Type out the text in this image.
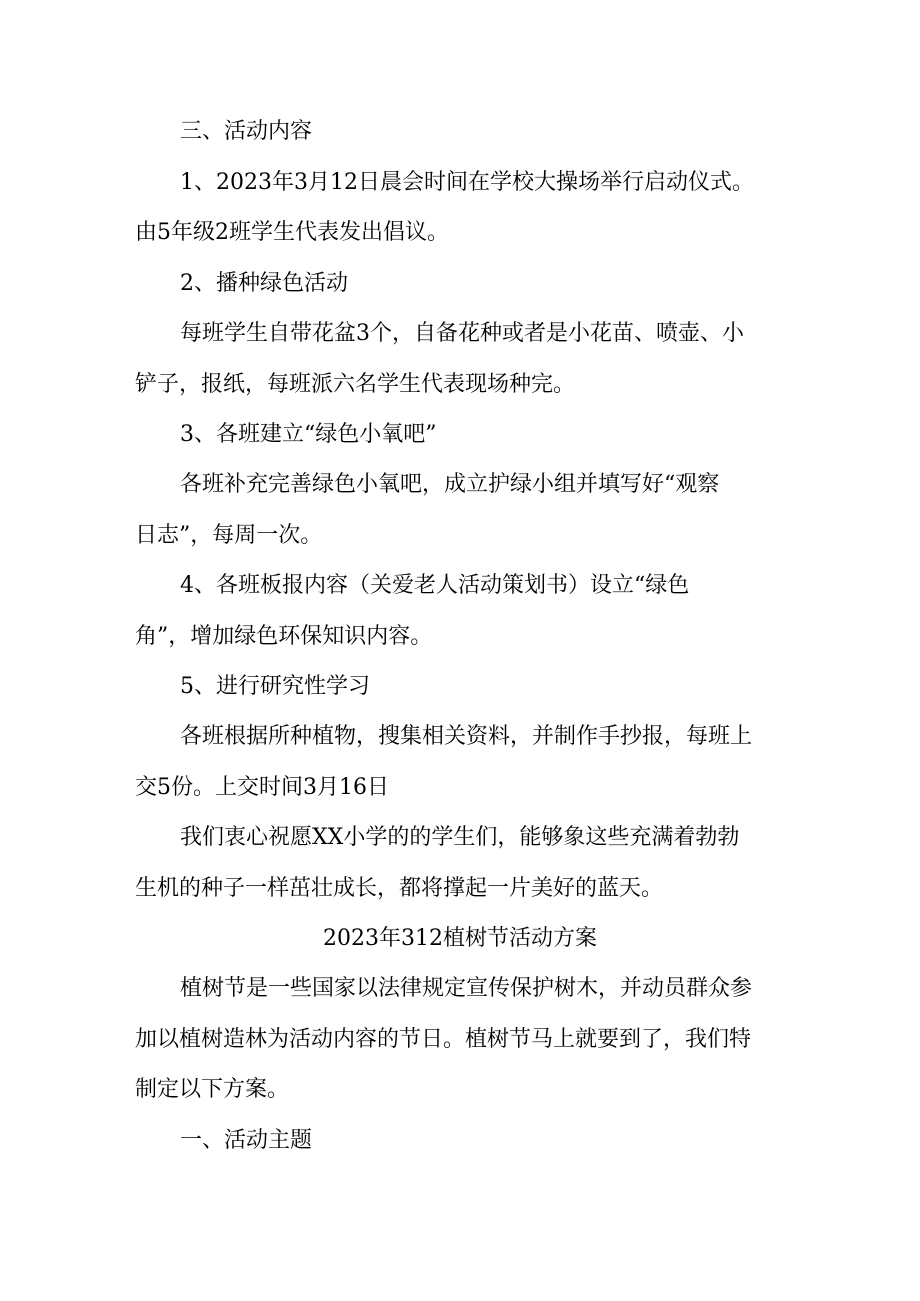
三、活动内容
1、2023年3月12日晨会时间在学校大操场举行启动仪式。
由5年级2班学生代表发出倡议。
2、播种绿色活动
每班学生自带花盆3个，自备花种或者是小花苗、喷壶、小
铲子，报纸，每班派六名学生代表现场种完。
3、各班建立“绿色小氧吧”
各班补充完善绿色小氧吧，成立护绿小组并填写好“观察
日志”，每周一次。
4、各班板报内容（关爱老人活动策划书）设立“绿色
角”，增加绿色环保知识内容。
5、进行研究性学习
各班根据所种植物，搜集相关资料，并制作手抄报，每班上
交5份。上交时间3月16日
我们衷心祝愿XX小学的的学生们，能够象这些充满着勃勃
生机的种子一样茁壮成长，都将撑起一片美好的蓝天。
2023年312植树节活动方案
植树节是一些国家以法律规定宣传保护树木，并动员群众参
加以植树造林为活动内容的节日。植树节马上就要到了，我们特
制定以下方案。
一、活动主题
